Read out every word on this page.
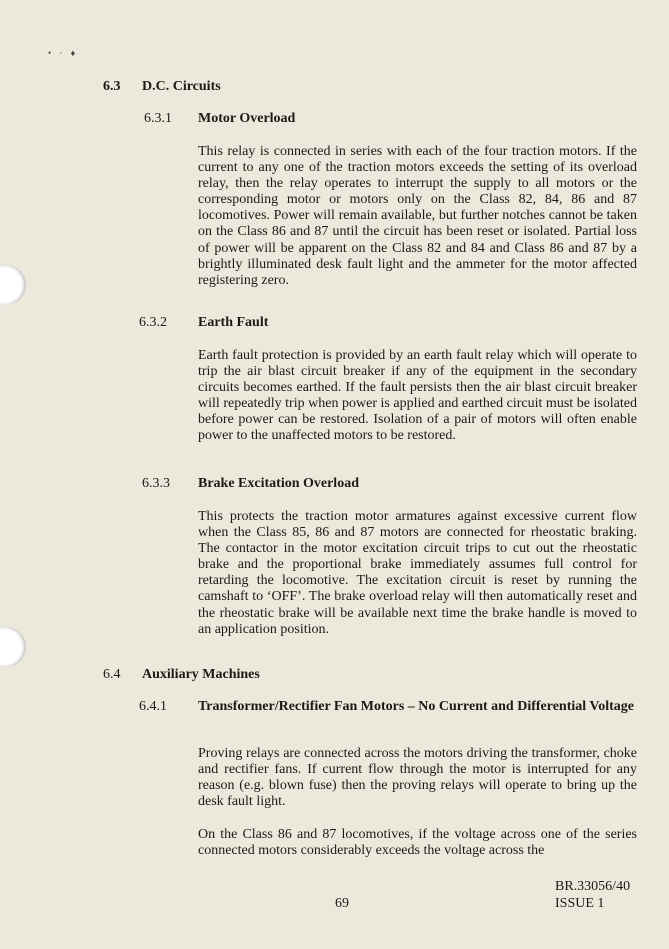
• · ♦
6.3 D.C. Circuits
6.3.1 Motor Overload

This relay is connected in series with each of the four traction motors. If the current to any one of the traction motors exceeds the setting of its overload relay, then the relay operates to interrupt the supply to all motors or the corresponding motor or motors only on the Class 82, 84, 86 and 87 locomotives. Power will remain available, but further notches cannot be taken on the Class 86 and 87 until the circuit has been reset or isolated. Partial loss of power will be apparent on the Class 82 and 84 and Class 86 and 87 by a brightly illuminated desk fault light and the ammeter for the motor affected registering zero.

6.3.2 Earth Fault

Earth fault protection is provided by an earth fault relay which will operate to trip the air blast circuit breaker if any of the equipment in the secondary circuits becomes earthed. If the fault persists then the air blast circuit breaker will repeatedly trip when power is applied and earthed circuit must be isolated before power can be restored. Isolation of a pair of motors will often enable power to the unaffected motors to be restored.

6.3.3 Brake Excitation Overload

This protects the traction motor armatures against excessive current flow when the Class 85, 86 and 87 motors are connected for rheostatic braking. The contactor in the motor excitation circuit trips to cut out the rheostatic brake and the proportional brake immediately assumes full control for retarding the locomotive. The excitation circuit is reset by running the camshaft to ‘OFF’. The brake overload relay will then automatically reset and the rheostatic brake will be available next time the brake handle is moved to an application position.

6.4 Auxiliary Machines
6.4.1 Transformer/Rectifier Fan Motors – No Current and Differential Voltage

Proving relays are connected across the motors driving the transformer, choke and rectifier fans. If current flow through the motor is interrupted for any reason (e.g. blown fuse) then the proving relays will operate to bring up the desk fault light.

On the Class 86 and 87 locomotives, if the voltage across one of the series connected motors considerably exceeds the voltage across the

69
BR.33056/40
ISSUE 1
